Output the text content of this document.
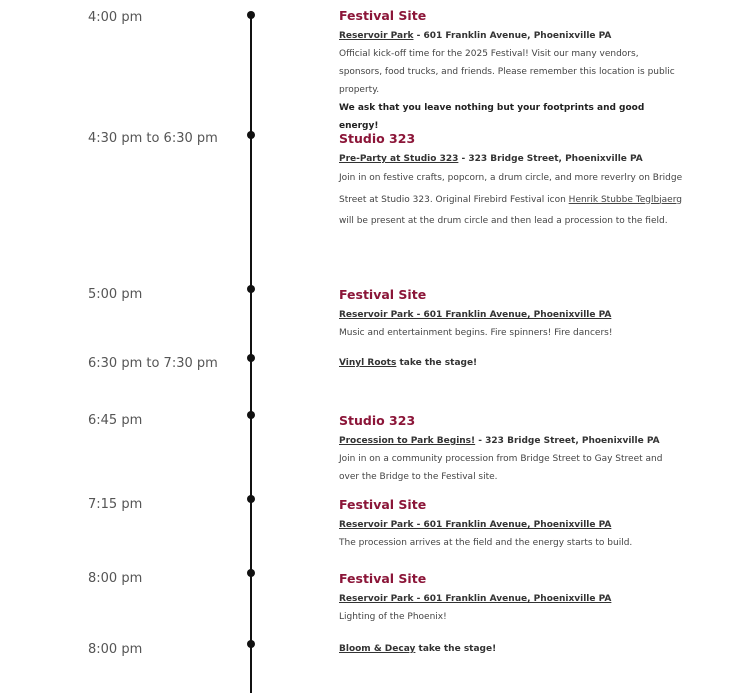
4:00 pm	Festival Site
Reservoir Park - 601 Franklin Avenue, Phoenixville PA
Official kick-off time for the 2025 Festival! Visit our many vendors, sponsors, food trucks, and friends. Please remember this location is public property.
We ask that you leave nothing but your footprints and good energy!
4:30 pm to 6:30 pm	Studio 323
Pre-Party at Studio 323 - 323 Bridge Street, Phoenixville PA
Join in on festive crafts, popcorn, a drum circle, and more reverlry on Bridge Street at Studio 323. Original Firebird Festival icon Henrik Stubbe Teglbjaerg will be present at the drum circle and then lead a procession to the field.
5:00 pm	Festival Site
Reservoir Park - 601 Franklin Avenue, Phoenixville PA
Music and entertainment begins. Fire spinners! Fire dancers!
6:30 pm to 7:30 pm	Vinyl Roots take the stage!
6:45 pm	Studio 323
Procession to Park Begins! - 323 Bridge Street, Phoenixville PA
Join in on a community procession from Bridge Street to Gay Street and over the Bridge to the Festival site.
7:15 pm	Festival Site
Reservoir Park - 601 Franklin Avenue, Phoenixville PA
The procession arrives at the field and the energy starts to build.
8:00 pm	Festival Site
Reservoir Park - 601 Franklin Avenue, Phoenixville PA
Lighting of the Phoenix!
8:00 pm	Bloom & Decay take the stage!
